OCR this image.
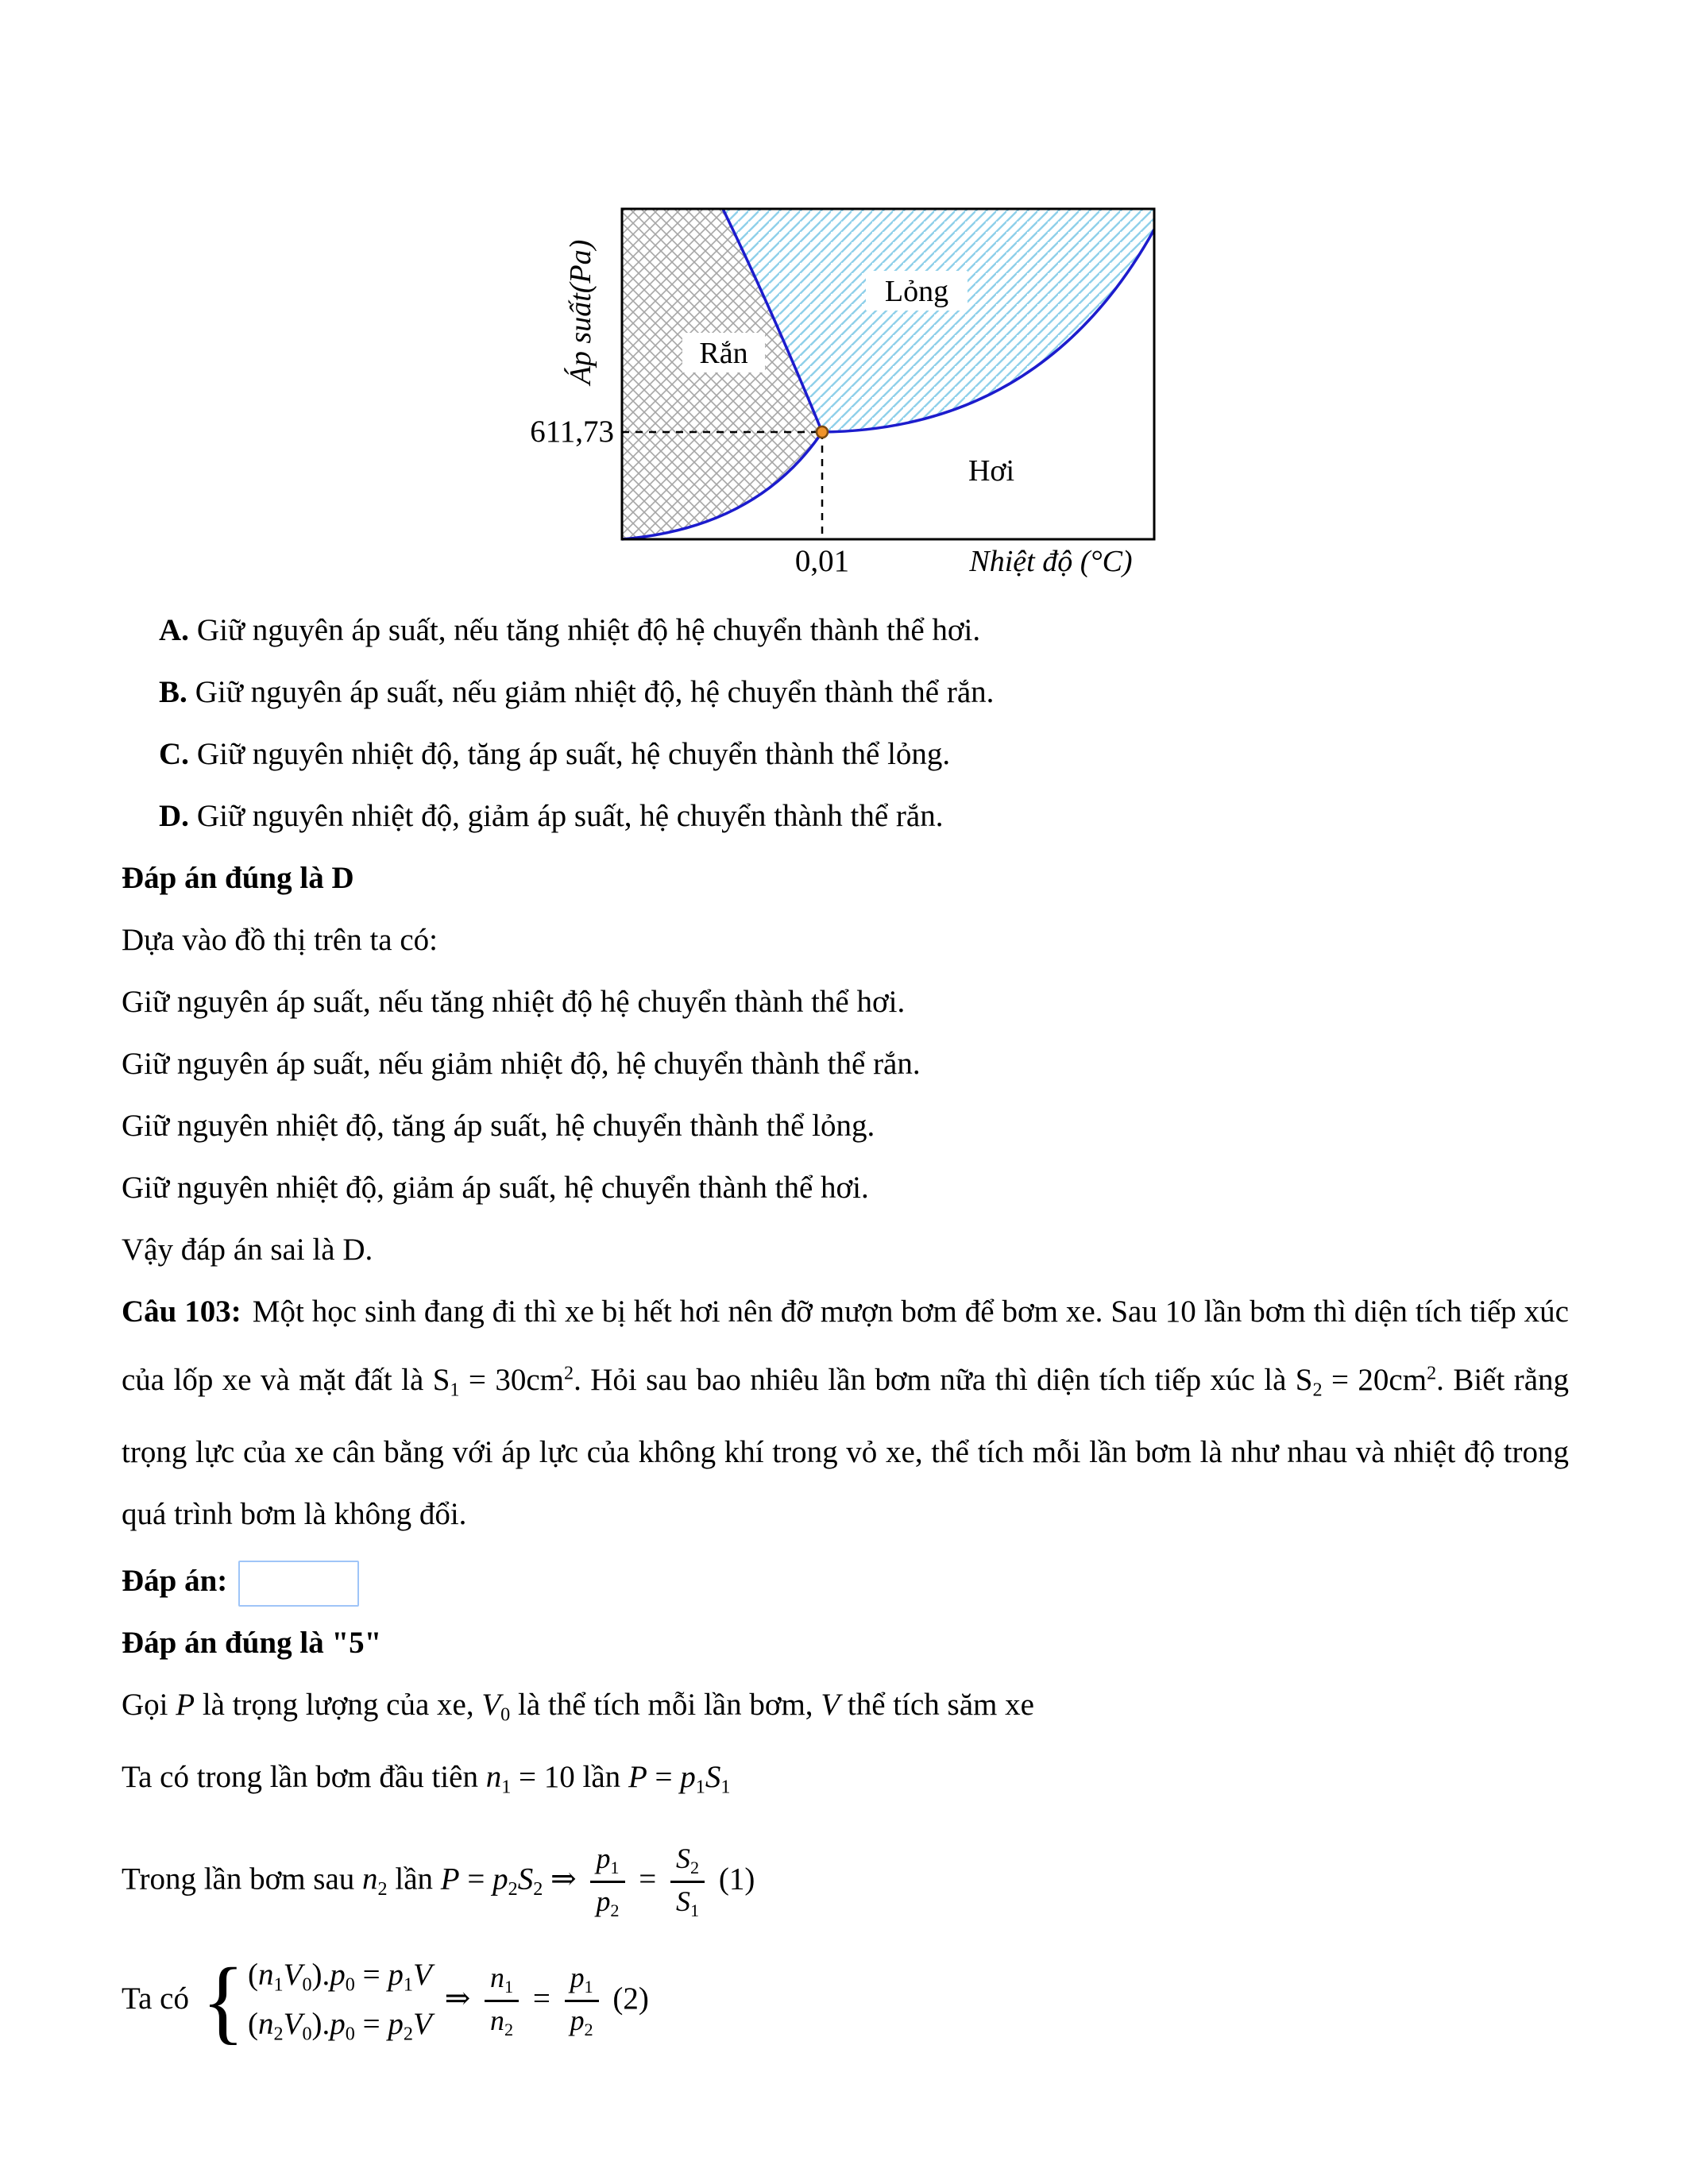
Rắn
Lỏng
Hơi
611,73
Áp suất(Pa)
0,01	Nhiệt độ (°C)

A. Giữ nguyên áp suất, nếu tăng nhiệt độ hệ chuyển thành thể hơi.

B. Giữ nguyên áp suất, nếu giảm nhiệt độ, hệ chuyển thành thể rắn.

C. Giữ nguyên nhiệt độ, tăng áp suất, hệ chuyển thành thể lỏng.

D. Giữ nguyên nhiệt độ, giảm áp suất, hệ chuyển thành thể rắn.

Đáp án đúng là D

Dựa vào đồ thị trên ta có:

Giữ nguyên áp suất, nếu tăng nhiệt độ hệ chuyển thành thể hơi.

Giữ nguyên áp suất, nếu giảm nhiệt độ, hệ chuyển thành thể rắn.

Giữ nguyên nhiệt độ, tăng áp suất, hệ chuyển thành thể lỏng.

Giữ nguyên nhiệt độ, giảm áp suất, hệ chuyển thành thể hơi.

Vậy đáp án sai là D.

Câu 103: Một học sinh đang đi thì xe bị hết hơi nên đỡ mượn bơm để bơm xe. Sau 10 lần bơm thì diện tích tiếp xúc của lốp xe và mặt đất là $S1 = 30cm^2$. Hỏi sau bao nhiêu lần bơm nữa thì diện tích tiếp xúc là $S2 = 20cm^2$. Biết rằng trọng lực của xe cân bằng với áp lực của không khí trong vỏ xe, thể tích mỗi lần bơm là như nhau và nhiệt độ trong quá trình bơm là không đổi.

Đáp án:

Đáp án đúng là "5"

Gọi P là trọng lượng của xe, V0 là thể tích mỗi lần bơm, V thể tích săm xe

Ta có trong lần bơm đầu tiên n1 = 10 lần P = p1S1

Trong lần bơm sau n2 lần P = p2S2 ⇒ $\frac{p1}{p2} = \frac{S2}{S1} (1)$

Ta có
{
(n1V0).p0 = p1V
(n2V0).p0 = p2V
⇒ $\frac{n1}{n2} = \frac{p1}{p2} (2)$
